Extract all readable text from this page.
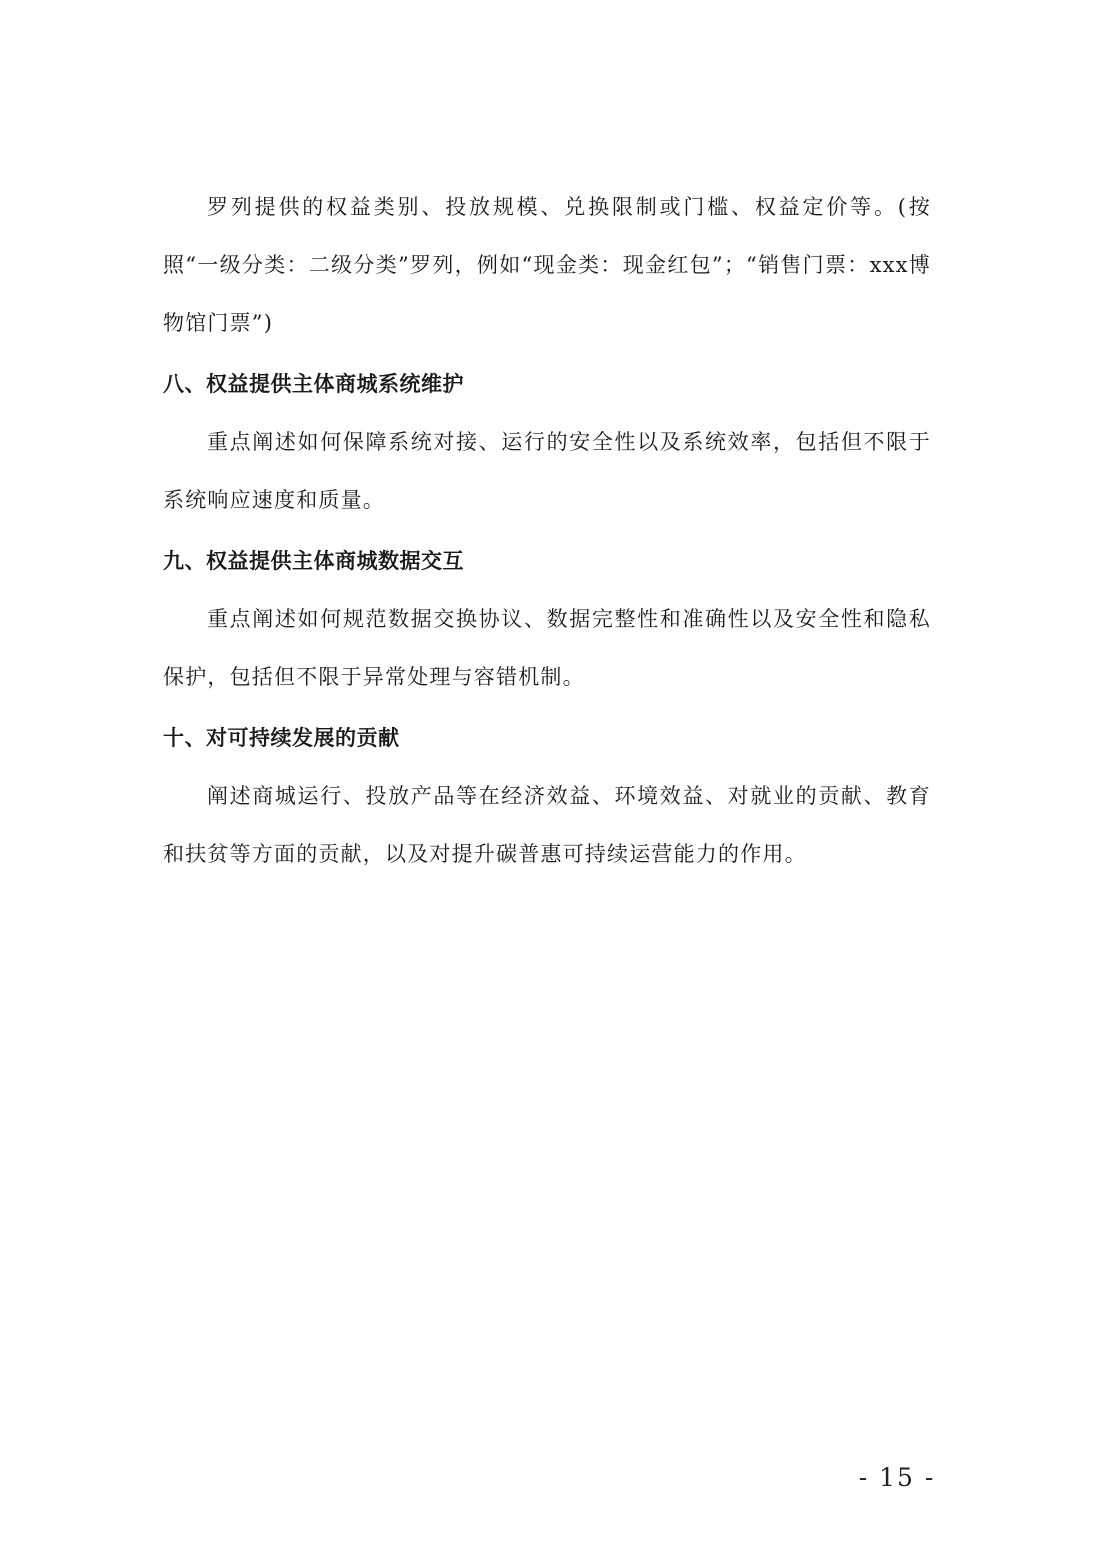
罗列提供的权益类别、投放规模、兑换限制或门槛、权益定价等。(按照“一级分类：二级分类”罗列，例如“现金类：现金红包”；“销售门票：xxx博物馆门票”)

八、权益提供主体商城系统维护

重点阐述如何保障系统对接、运行的安全性以及系统效率，包括但不限于系统响应速度和质量。

九、权益提供主体商城数据交互

重点阐述如何规范数据交换协议、数据完整性和准确性以及安全性和隐私保护，包括但不限于异常处理与容错机制。

十、对可持续发展的贡献

阐述商城运行、投放产品等在经济效益、环境效益、对就业的贡献、教育和扶贫等方面的贡献，以及对提升碳普惠可持续运营能力的作用。

- 15 -
